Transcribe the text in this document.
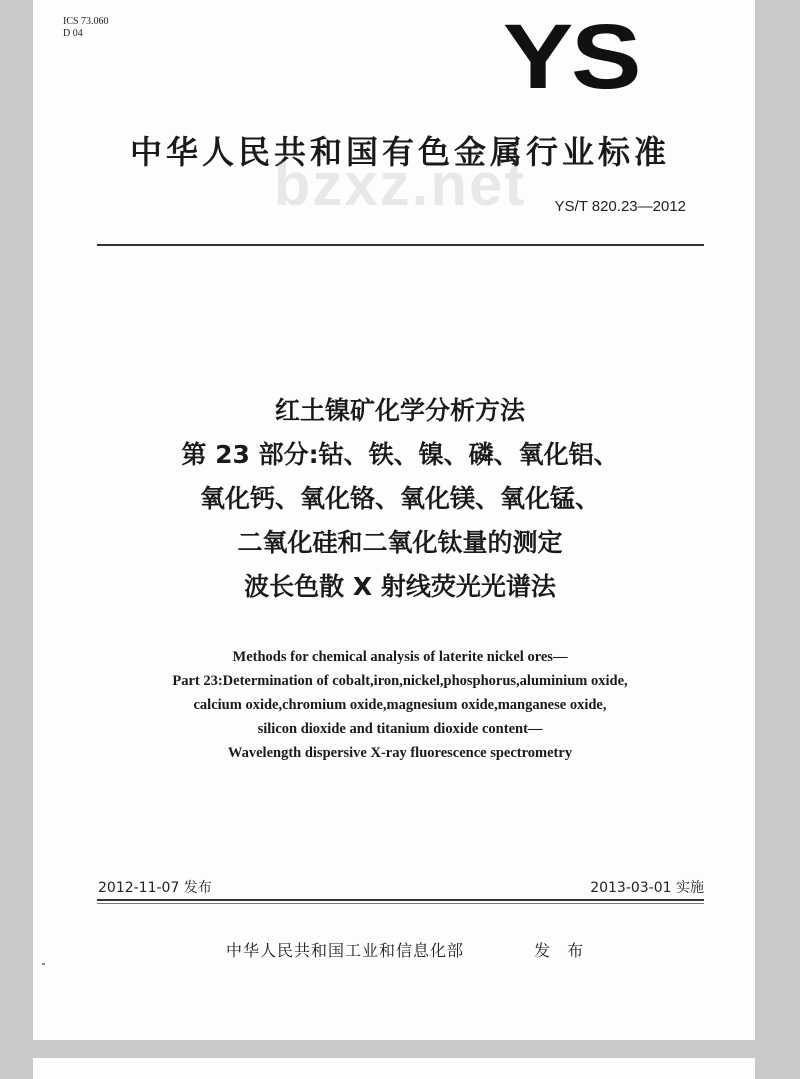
ICS 73.060
D 04	YS
中华人民共和国有色金属行业标准
bzxz.net	YS/T 820.23—2012
红土镍矿化学分析方法
第 23 部分:钴、铁、镍、磷、氧化铝、
氧化钙、氧化铬、氧化镁、氧化锰、
二氧化硅和二氧化钛量的测定
波长色散 X 射线荧光光谱法
Methods for chemical analysis of laterite nickel ores—
Part 23:Determination of cobalt,iron,nickel,phosphorus,aluminium oxide,
calcium oxide,chromium oxide,magnesium oxide,manganese oxide,
silicon dioxide and titanium dioxide content—
Wavelength dispersive X-ray fluorescence spectrometry
2012-11-07 发布	2013-03-01 实施
中华人民共和国工业和信息化部	发 布
